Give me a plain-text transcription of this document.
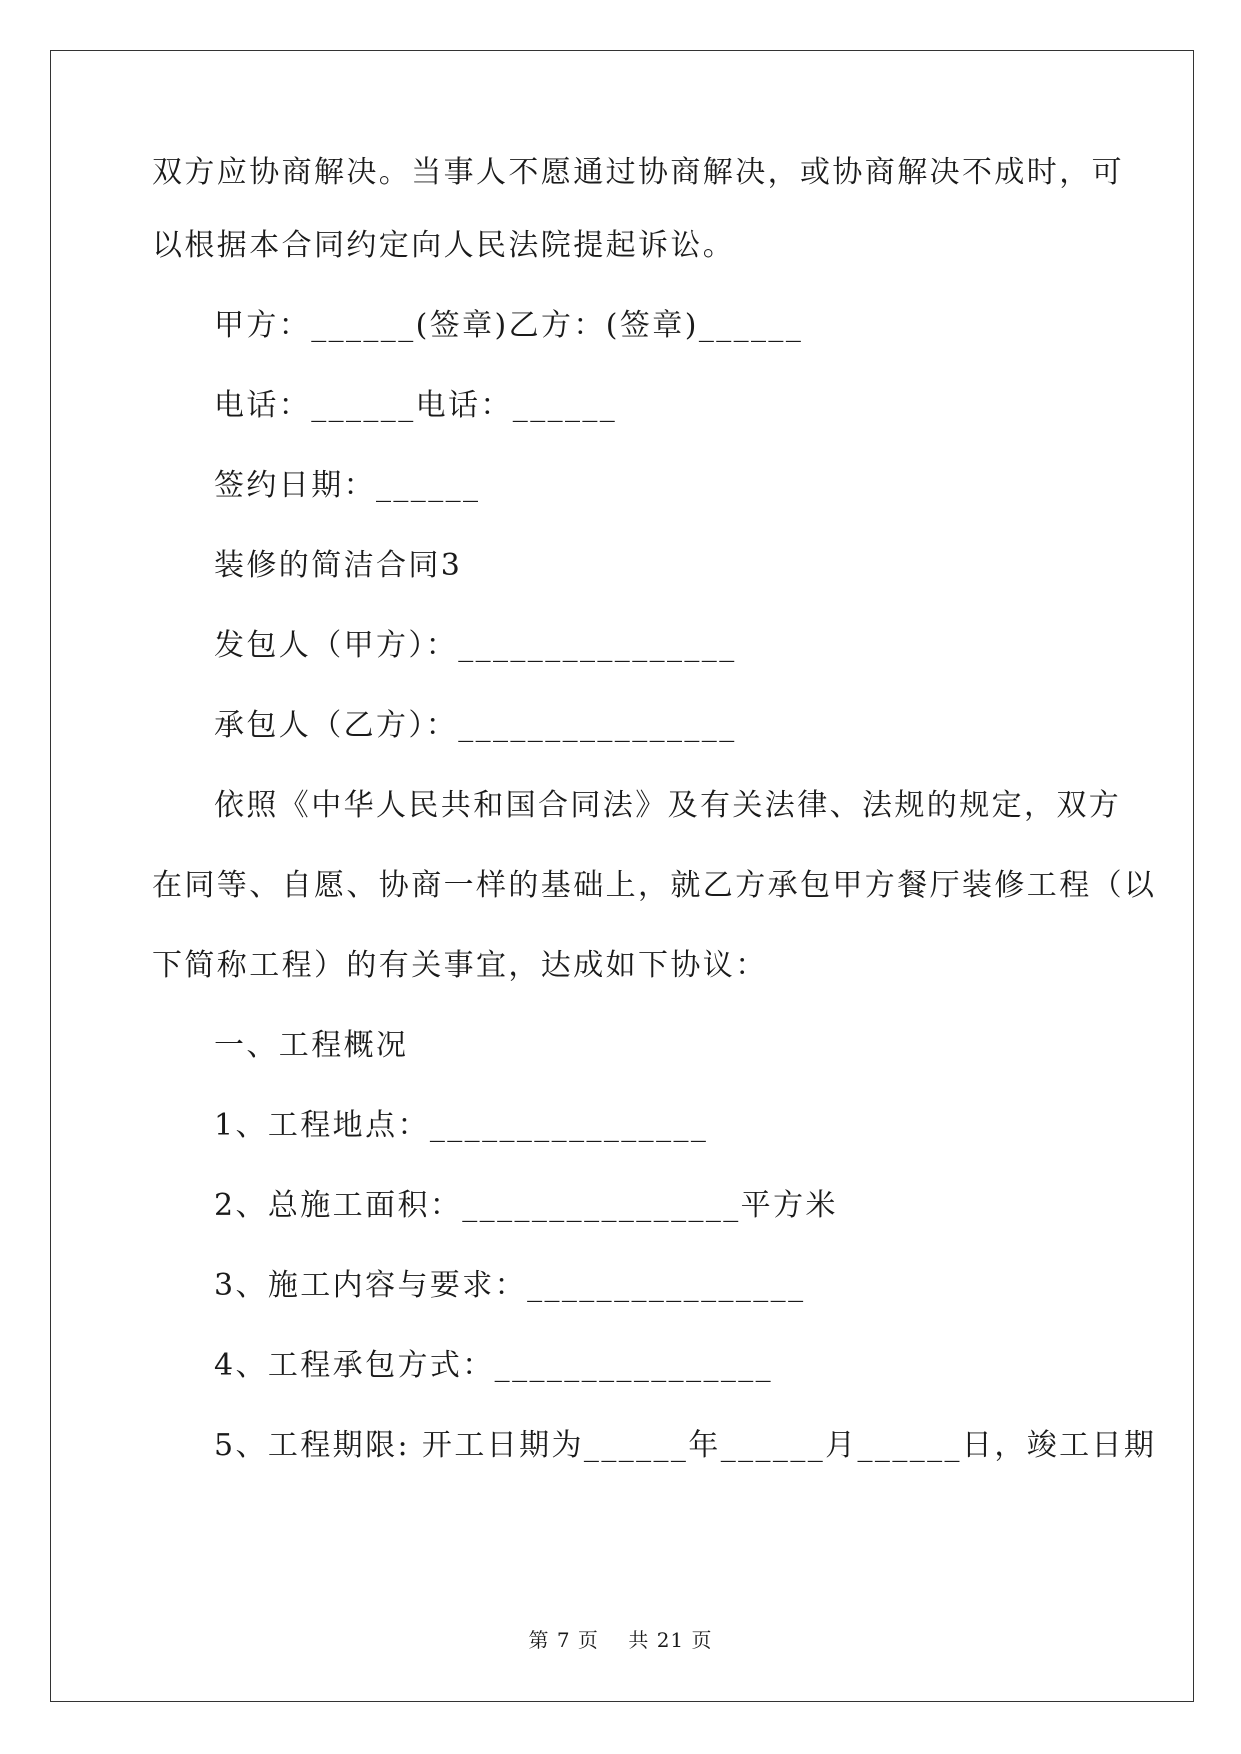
双方应协商解决。当事人不愿通过协商解决，或协商解决不成时，可
以根据本合同约定向人民法院提起诉讼。
甲方：______(签章)乙方：(签章)______
电话：______电话：______
签约日期：______
装修的简洁合同3
发包人（甲方）：________________
承包人（乙方）：________________
依照《中华人民共和国合同法》及有关法律、法规的规定，双方
在同等、自愿、协商一样的基础上，就乙方承包甲方餐厅装修工程（以
下简称工程）的有关事宜，达成如下协议：
一、工程概况
1、工程地点：________________
2、总施工面积：________________平方米
3、施工内容与要求：________________
4、工程承包方式：________________
5、工程期限: 开工日期为______年______月______日，竣工日期
第 7 页    共 21 页
